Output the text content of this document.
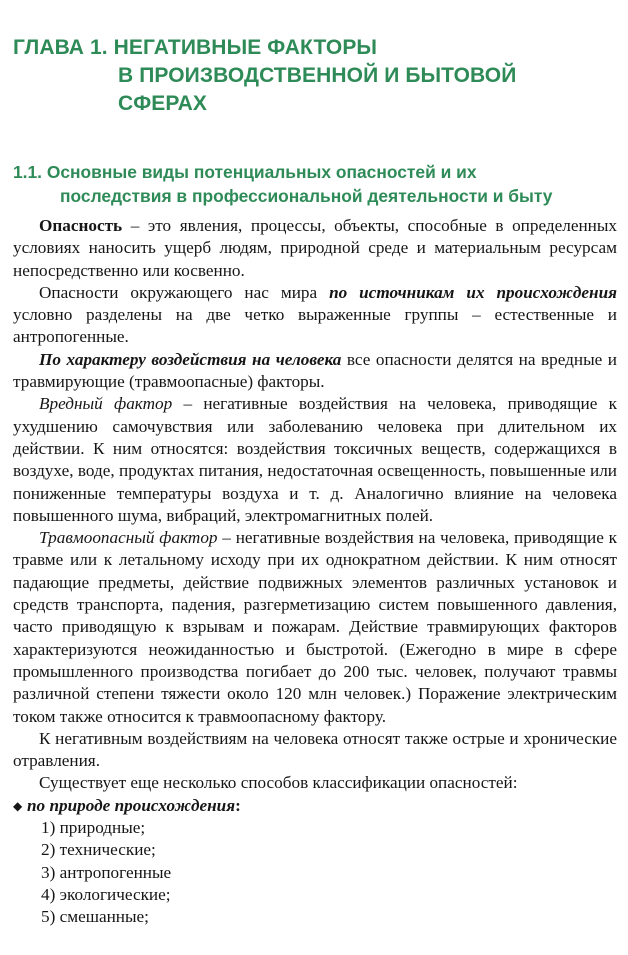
ГЛАВА 1. НЕГАТИВНЫЕ ФАКТОРЫ
В ПРОИЗВОДСТВЕННОЙ И БЫТОВОЙ
СФЕРАХ
1.1. Основные виды потенциальных опасностей и их
последствия в профессиональной деятельности и быту

Опасность – это явления, процессы, объекты, способные в определенных условиях наносить ущерб людям, природной среде и материальным ресурсам непосредственно или косвенно.

Опасности окружающего нас мира по источникам их происхождения условно разделены на две четко выраженные группы – естественные и антропогенные.

По характеру воздействия на человека все опасности делятся на вредные и травмирующие (травмоопасные) факторы.

Вредный фактор – негативные воздействия на человека, приводящие к ухудшению самочувствия или заболеванию человека при длительном их действии. К ним относятся: воздействия токсичных веществ, содержащихся в воздухе, воде, продуктах питания, недостаточная освещенность, повышенные или пониженные температуры воздуха и т. д. Аналогично влияние на человека повышенного шума, вибраций, электромагнитных полей.

Травмоопасный фактор – негативные воздействия на человека, приводящие к травме или к летальному исходу при их однократном действии. К ним относят падающие предметы, действие подвижных элементов различных установок и средств транспорта, падения, разгерметизацию систем повышенного давления, часто приводящую к взрывам и пожарам. Действие травмирующих факторов характеризуются неожиданностью и быстротой. (Ежегодно в мире в сфере промышленного производства погибает до 200 тыс. человек, получают травмы различной степени тяжести около 120 млн человек.) Поражение электрическим током также относится к травмоопасному фактору.

К негативным воздействиям на человека относят также острые и хронические отравления.

Существует еще несколько способов классификации опасностей:

◆ по природе происхождения:
1) природные;
2) технические;
3) антропогенные
4) экологические;
5) смешанные;
